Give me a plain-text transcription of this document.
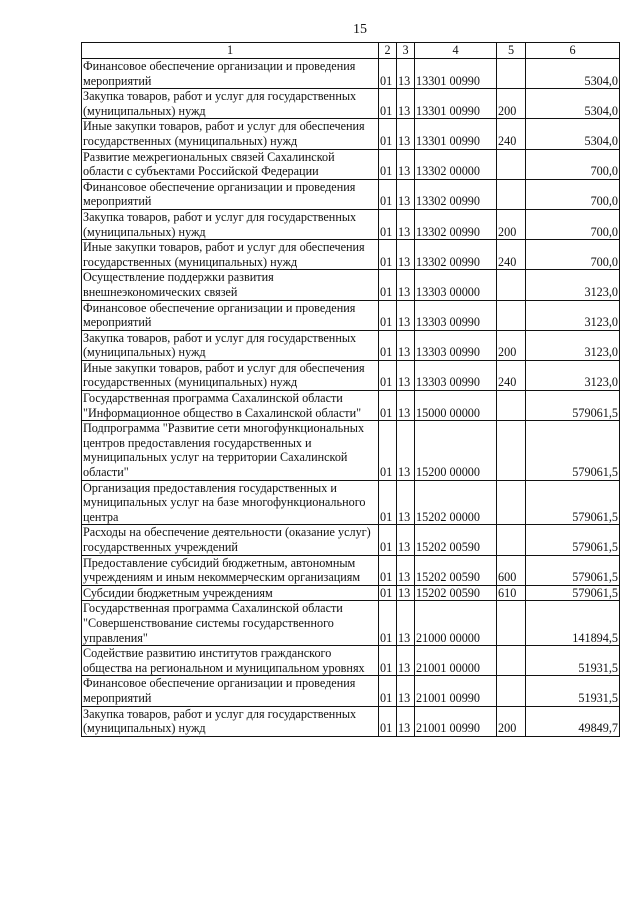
15
1	2	3	4	5	6
Финансовое обеспечение организации и проведения мероприятий	01	13	13301 00990		5304,0
Закупка товаров, работ и услуг для государственных (муниципальных) нужд	01	13	13301 00990	200	5304,0
Иные закупки товаров, работ и услуг для обеспечения государственных (муниципальных) нужд	01	13	13301 00990	240	5304,0
Развитие межрегиональных связей Сахалинской области с субъектами Российской Федерации	01	13	13302 00000		700,0
Финансовое обеспечение организации и проведения мероприятий	01	13	13302 00990		700,0
Закупка товаров, работ и услуг для государственных (муниципальных) нужд	01	13	13302 00990	200	700,0
Иные закупки товаров, работ и услуг для обеспечения государственных (муниципальных) нужд	01	13	13302 00990	240	700,0
Осуществление поддержки развития внешнеэкономических связей	01	13	13303 00000		3123,0
Финансовое обеспечение организации и проведения мероприятий	01	13	13303 00990		3123,0
Закупка товаров, работ и услуг для государственных (муниципальных) нужд	01	13	13303 00990	200	3123,0
Иные закупки товаров, работ и услуг для обеспечения государственных (муниципальных) нужд	01	13	13303 00990	240	3123,0
Государственная программа Сахалинской области "Информационное общество в Сахалинской области"	01	13	15000 00000		579061,5
Подпрограмма "Развитие сети многофункциональных центров предоставления государственных и муниципальных услуг на территории Сахалинской области"	01	13	15200 00000		579061,5
Организация предоставления государственных и муниципальных услуг на базе многофункционального центра	01	13	15202 00000		579061,5
Расходы на обеспечение деятельности (оказание услуг) государственных учреждений	01	13	15202 00590		579061,5
Предоставление субсидий бюджетным, автономным учреждениям и иным некоммерческим организациям	01	13	15202 00590	600	579061,5
Субсидии бюджетным учреждениям	01	13	15202 00590	610	579061,5
Государственная программа Сахалинской области "Совершенствование системы государственного управления"	01	13	21000 00000		141894,5
Содействие развитию институтов гражданского общества на региональном и муниципальном уровнях	01	13	21001 00000		51931,5
Финансовое обеспечение организации и проведения мероприятий	01	13	21001 00990		51931,5
Закупка товаров, работ и услуг для государственных (муниципальных) нужд	01	13	21001 00990	200	49849,7
